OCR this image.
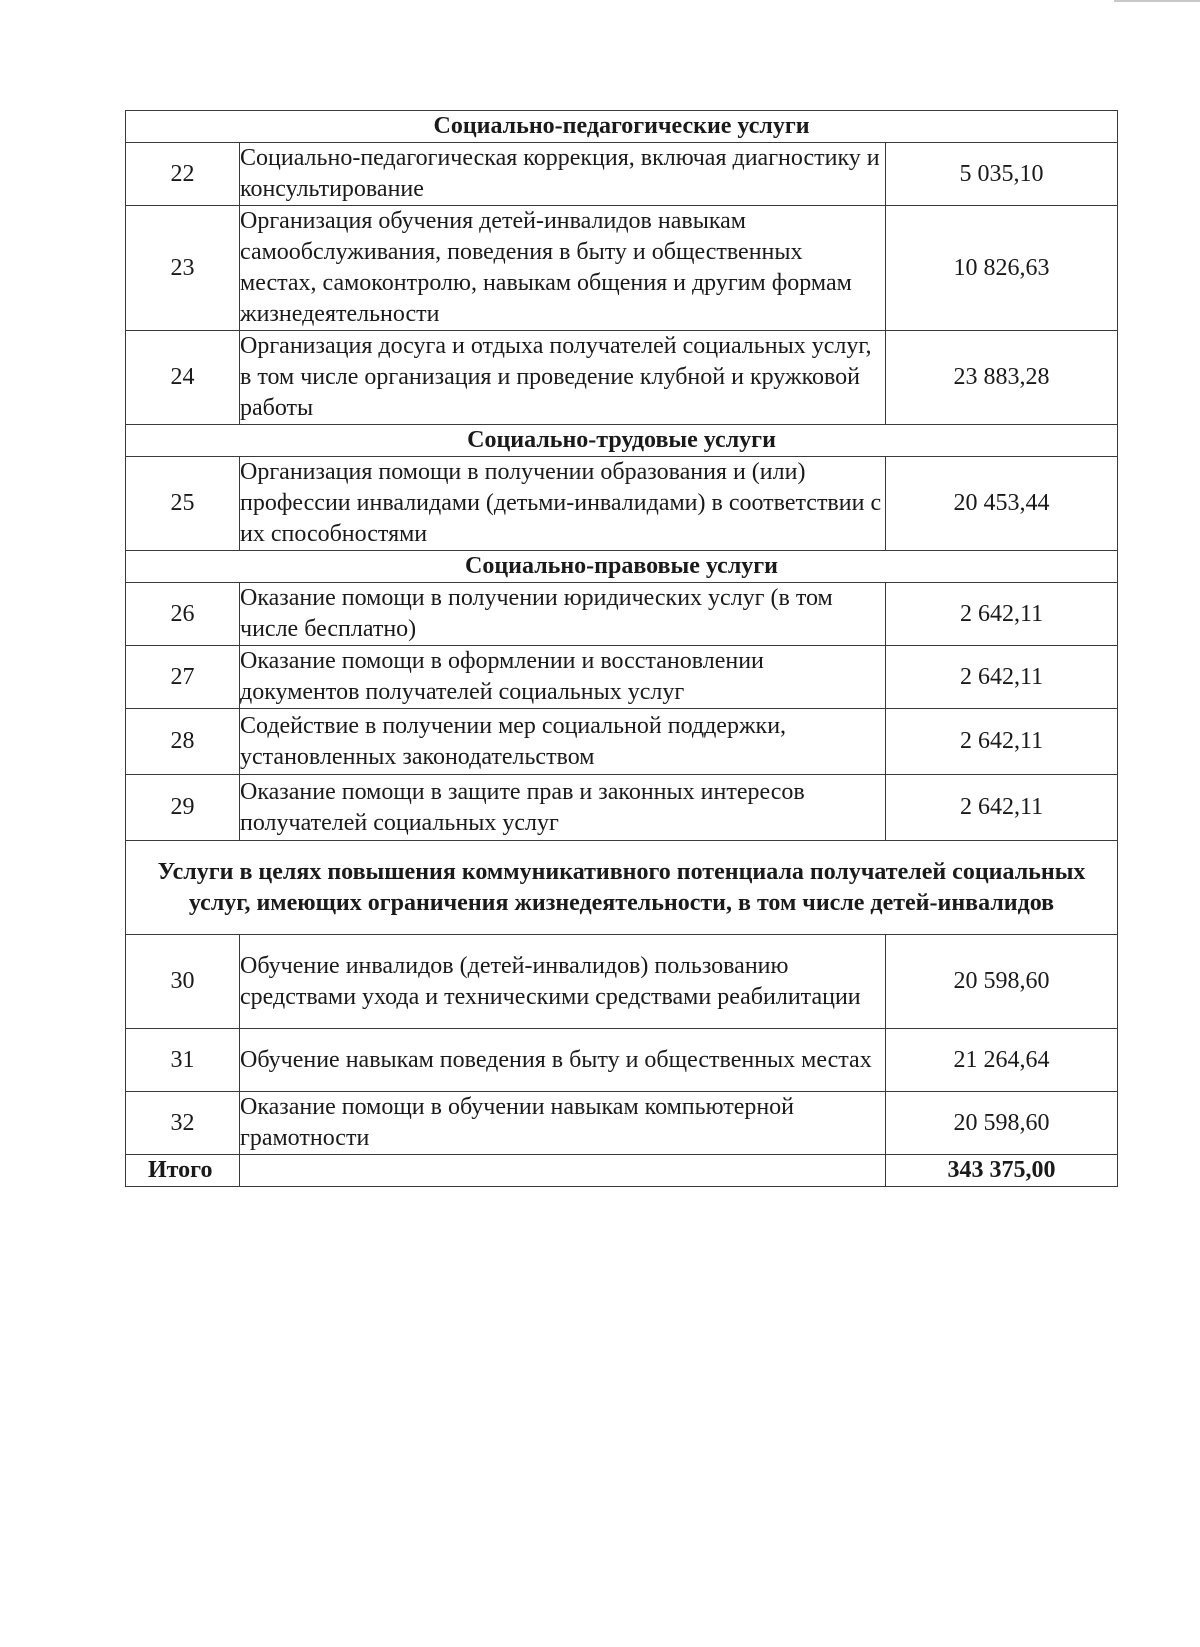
Социально-педагогические услуги		
22	Социально-педагогическая коррекция, включая диагностику и консультирование	5 035,10
23	Организация обучения детей-инвалидов навыкам самообслуживания, поведения в быту и общественных местах, самоконтролю, навыкам общения и другим формам жизнедеятельности	10 826,63
24	Организация досуга и отдыха получателей социальных услуг, в том числе организация и проведение клубной и кружковой работы	23 883,28
Социально-трудовые услуги		
25	Организация помощи в получении образования и (или) профессии инвалидами (детьми-инвалидами) в соответствии с их способностями	20 453,44
Социально-правовые услуги		
26	Оказание помощи в получении юридических услуг (в том числе бесплатно)	2 642,11
27	Оказание помощи в оформлении и восстановлении документов получателей социальных услуг	2 642,11
28	Содействие в получении мер социальной поддержки, установленных законодательством	2 642,11
29	Оказание помощи в защите прав и законных интересов получателей социальных услуг	2 642,11
Услуги в целях повышения коммуникативного потенциала получателей социальных услуг, имеющих ограничения жизнедеятельности, в том числе детей-инвалидов		
30	Обучение инвалидов (детей-инвалидов) пользованию средствами ухода и техническими средствами реабилитации	20 598,60
31	Обучение навыкам поведения в быту и общественных местах	21 264,64
32	Оказание помощи в обучении навыкам компьютерной грамотности	20 598,60
Итого		343 375,00
